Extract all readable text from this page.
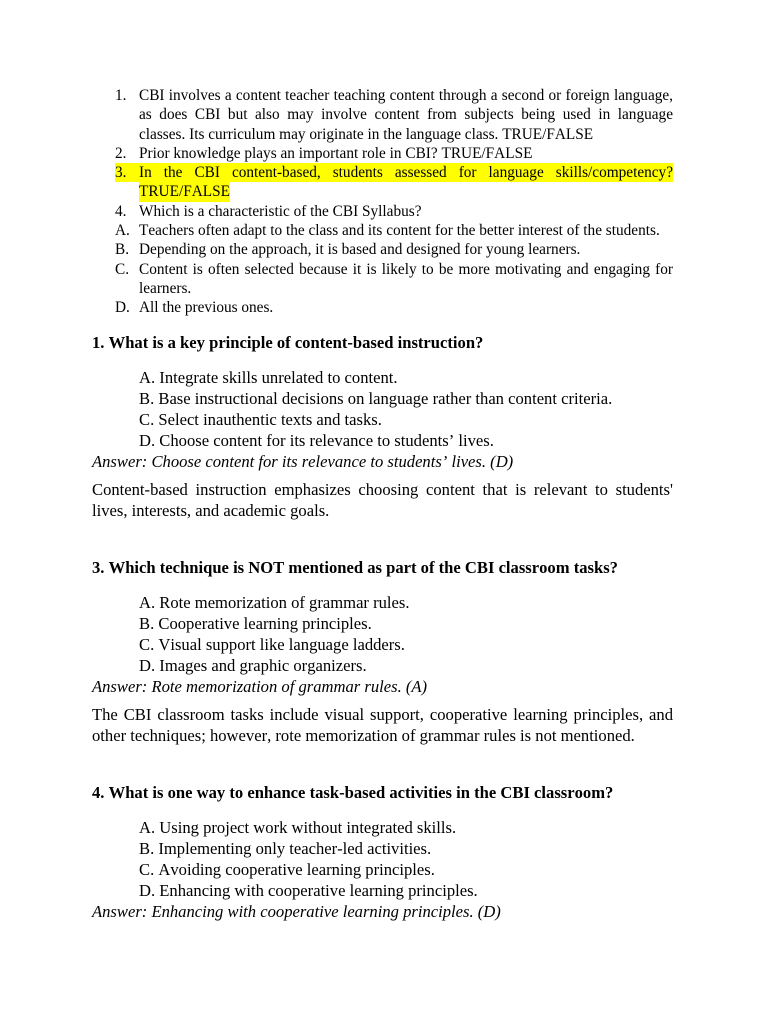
1. CBI involves a content teacher teaching content through a second or foreign language,
as does CBI but also may involve content from subjects being used in language
classes. Its curriculum may originate in the language class. TRUE/FALSE
2. Prior knowledge plays an important role in CBI? TRUE/FALSE
3. In the CBI content-based, students assessed for language skills/competency?
TRUE/FALSE
4. Which is a characteristic of the CBI Syllabus?
A. Teachers often adapt to the class and its content for the better interest of the students.
B. Depending on the approach, it is based and designed for young learners.
C. Content is often selected because it is likely to be more motivating and engaging for
learners.
D. All the previous ones.
1. What is a key principle of content-based instruction?
A. Integrate skills unrelated to content.
B. Base instructional decisions on language rather than content criteria.
C. Select inauthentic texts and tasks.
D. Choose content for its relevance to students’ lives.
Answer: Choose content for its relevance to students’ lives. (D)
Content-based instruction emphasizes choosing content that is relevant to students'
lives, interests, and academic goals.
3. Which technique is NOT mentioned as part of the CBI classroom tasks?
A. Rote memorization of grammar rules.
B. Cooperative learning principles.
C. Visual support like language ladders.
D. Images and graphic organizers.
Answer: Rote memorization of grammar rules. (A)
The CBI classroom tasks include visual support, cooperative learning principles, and
other techniques; however, rote memorization of grammar rules is not mentioned.
4. What is one way to enhance task-based activities in the CBI classroom?
A. Using project work without integrated skills.
B. Implementing only teacher-led activities.
C. Avoiding cooperative learning principles.
D. Enhancing with cooperative learning principles.
Answer: Enhancing with cooperative learning principles. (D)
